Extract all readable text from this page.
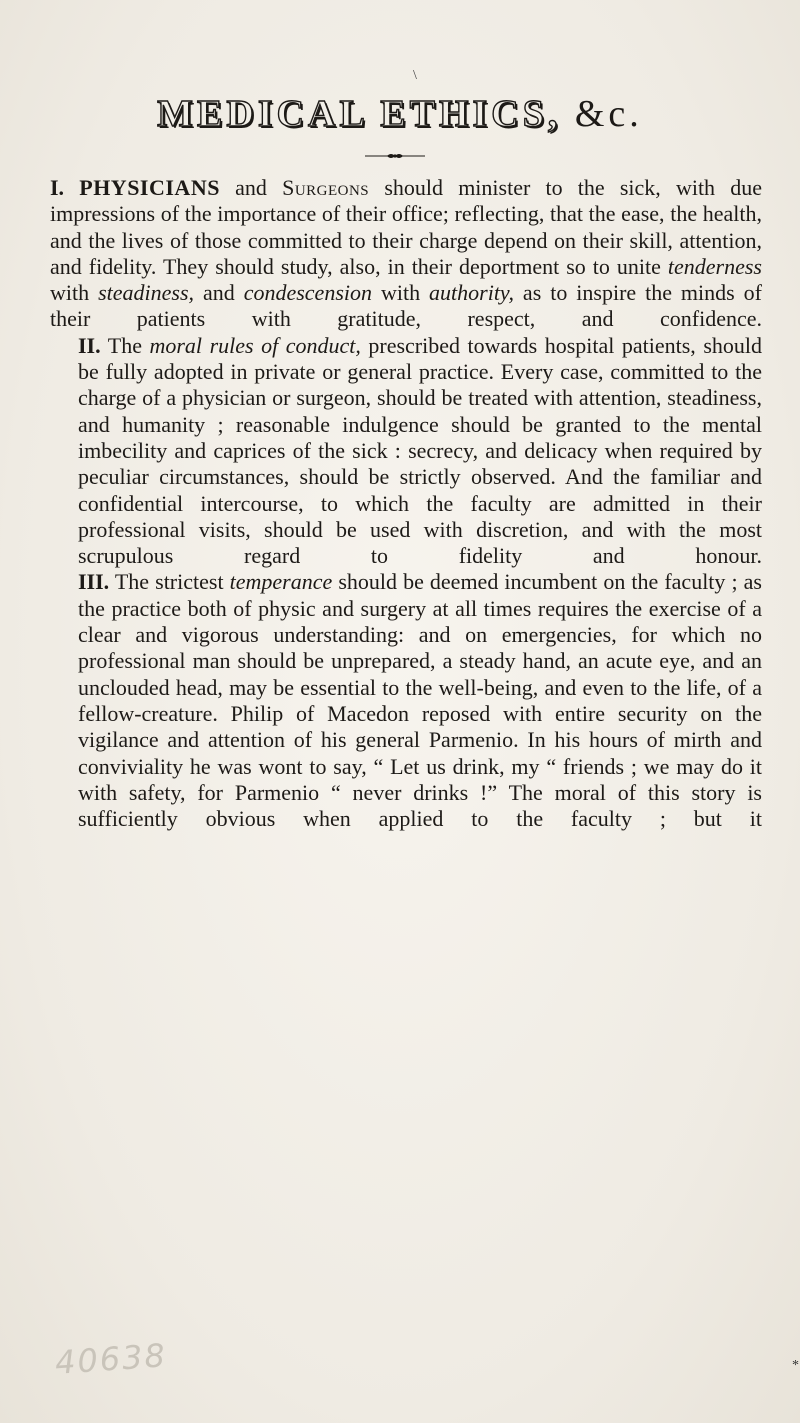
\
MEDICAL ETHICS, &c.

I. PHYSICIANS and Surgeons should minister to the sick, with due impressions of the importance of their office; reflecting, that the ease, the health, and the lives of those committed to their charge depend on their skill, attention, and fidelity. They should study, also, in their deportment so to unite tenderness with steadiness, and condescension with authority, as to inspire the minds of their patients with gratitude, respect, and confidence.

II. The moral rules of conduct, prescribed towards hospital patients, should be fully adopted in private or general practice. Every case, committed to the charge of a physician or surgeon, should be treated with attention, steadiness, and humanity ; reasonable indulgence should be granted to the mental imbecility and caprices of the sick : secrecy, and delicacy when required by peculiar circumstances, should be strictly observed. And the familiar and confidential intercourse, to which the faculty are admitted in their professional visits, should be used with discretion, and with the most scrupulous regard to fidelity and honour.

III. The strictest temperance should be deemed incumbent on the faculty ; as the practice both of physic and surgery at all times requires the exercise of a clear and vigorous understanding: and on emergencies, for which no professional man should be unprepared, a steady hand, an acute eye, and an unclouded head, may be essential to the well-being, and even to the life, of a fellow-creature. Philip of Macedon reposed with entire security on the vigilance and attention of his general Parmenio. In his hours of mirth and conviviality he was wont to say, “ Let us drink, my “ friends ; we may do it with safety, for Parmenio “ never drinks !” The moral of this story is sufficiently obvious when applied to the faculty ; but it

40638	*
